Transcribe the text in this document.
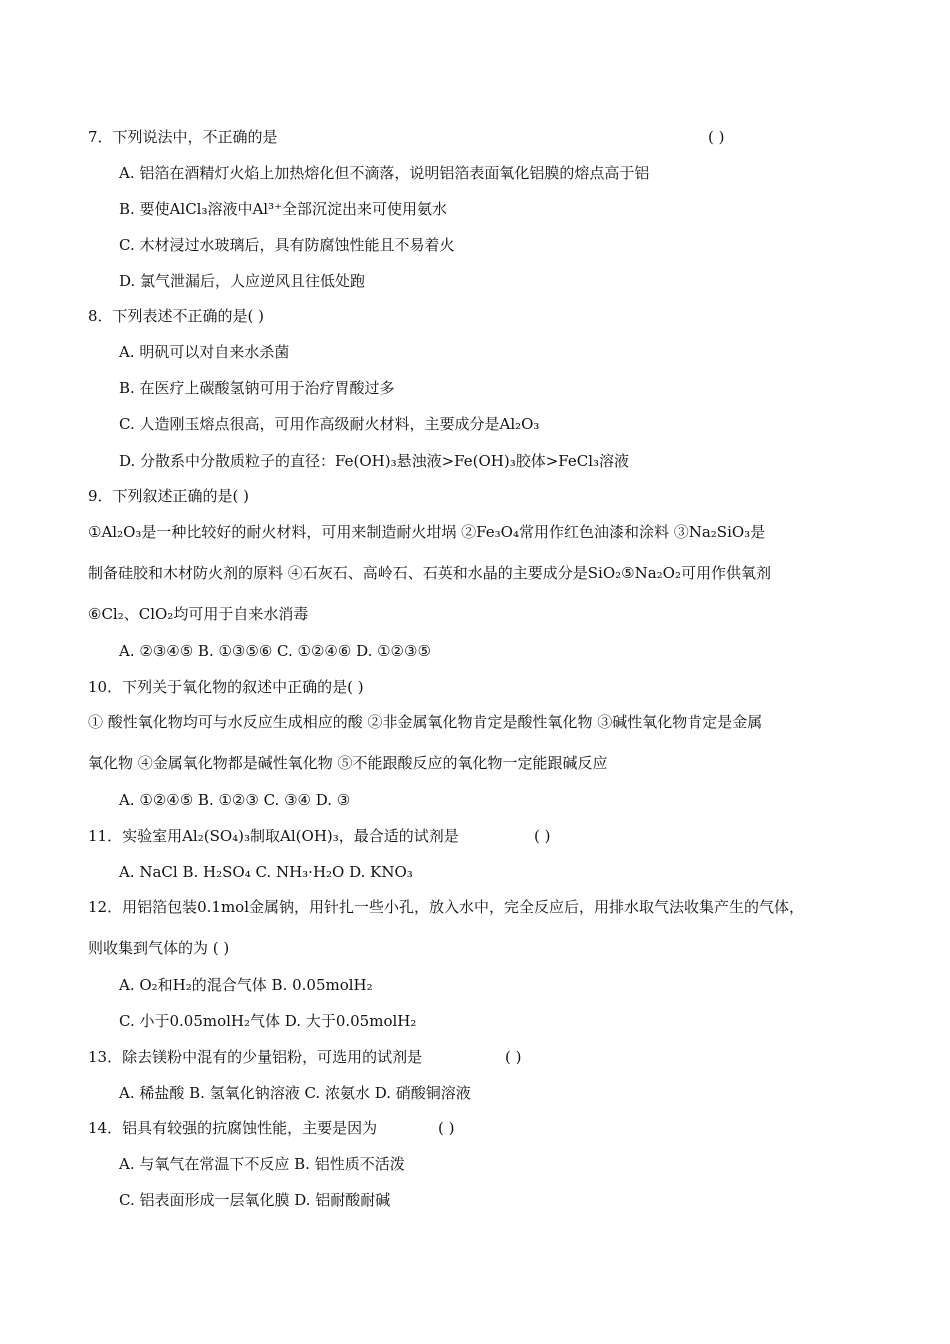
7．下列说法中，不正确的是	( )
A. 铝箔在酒精灯火焰上加热熔化但不滴落，说明铝箔表面氧化铝膜的熔点高于铝
B. 要使AlCl₃溶液中Al³⁺全部沉淀出来可使用氨水
C. 木材浸过水玻璃后，具有防腐蚀性能且不易着火
D. 氯气泄漏后，人应逆风且往低处跑
8．下列表述不正确的是( )
A. 明矾可以对自来水杀菌
B. 在医疗上碳酸氢钠可用于治疗胃酸过多
C. 人造刚玉熔点很高，可用作高级耐火材料，主要成分是Al₂O₃
D. 分散系中分散质粒子的直径：Fe(OH)₃悬浊液>Fe(OH)₃胶体>FeCl₃溶液
9．下列叙述正确的是( )
①Al₂O₃是一种比较好的耐火材料，可用来制造耐火坩埚 ②Fe₃O₄常用作红色油漆和涂料 ③Na₂SiO₃是
制备硅胶和木材防火剂的原料 ④石灰石、高岭石、石英和水晶的主要成分是SiO₂⑤Na₂O₂可用作供氧剂
⑥Cl₂、ClO₂均可用于自来水消毒
A. ②③④⑤ B. ①③⑤⑥ C. ①②④⑥ D. ①②③⑤
10．下列关于氧化物的叙述中正确的是( )
① 酸性氧化物均可与水反应生成相应的酸 ②非金属氧化物肯定是酸性氧化物 ③碱性氧化物肯定是金属
氧化物 ④金属氧化物都是碱性氧化物 ⑤不能跟酸反应的氧化物一定能跟碱反应
A. ①②④⑤ B. ①②③ C. ③④ D. ③
11．实验室用Al₂(SO₄)₃制取Al(OH)₃，最合适的试剂是	( )
A. NaCl B. H₂SO₄ C. NH₃·H₂O D. KNO₃
12．用铝箔包装0.1mol金属钠，用针扎一些小孔，放入水中，完全反应后，用排水取气法收集产生的气体，
则收集到气体的为 ( )
A. O₂和H₂的混合气体 B. 0.05molH₂
C. 小于0.05molH₂气体 D. 大于0.05molH₂
13．除去镁粉中混有的少量铝粉，可选用的试剂是	( )
A. 稀盐酸 B. 氢氧化钠溶液 C. 浓氨水 D. 硝酸铜溶液
14．铝具有较强的抗腐蚀性能，主要是因为	( )
A. 与氧气在常温下不反应 B. 铝性质不活泼
C. 铝表面形成一层氧化膜 D. 铝耐酸耐碱
